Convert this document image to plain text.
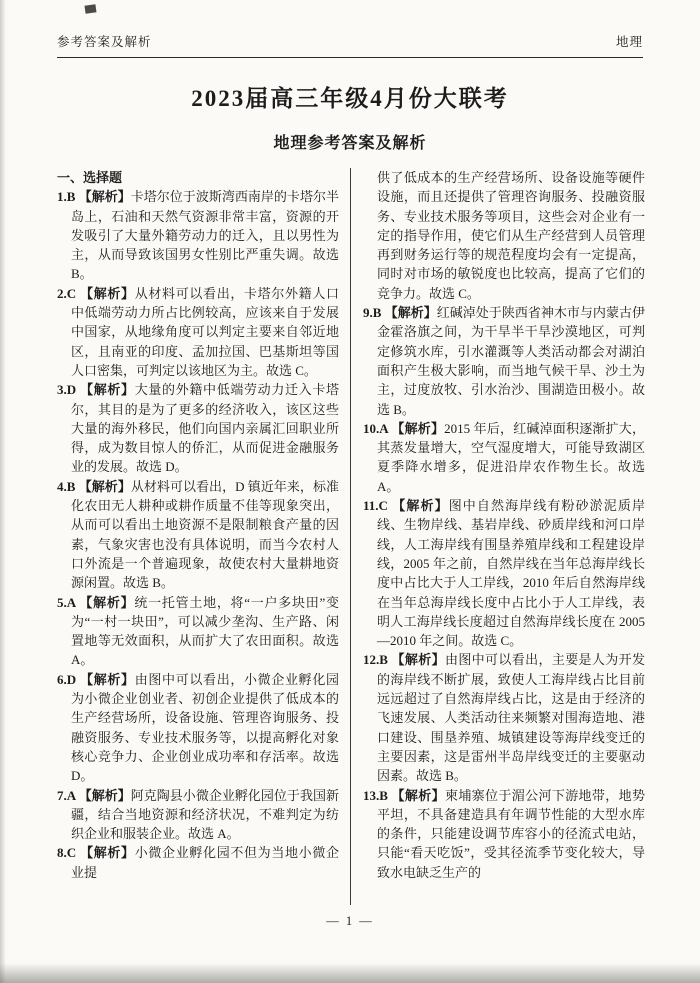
参考答案及解析	地理
2023届高三年级4月份大联考
地理参考答案及解析
一、选择题
1.B 【解析】卡塔尔位于波斯湾西南岸的卡塔尔半岛上，石油和天然气资源非常丰富，资源的开发吸引了大量外籍劳动力的迁入，且以男性为主，从而导致该国男女性别比严重失调。故选 B。
2.C 【解析】从材料可以看出，卡塔尔外籍人口中低端劳动力所占比例较高，应该来自于发展中国家，从地缘角度可以判定主要来自邻近地区，且南亚的印度、孟加拉国、巴基斯坦等国人口密集，可判定以该地区为主。故选 C。
3.D 【解析】大量的外籍中低端劳动力迁入卡塔尔，其目的是为了更多的经济收入，该区这些大量的海外移民，他们向国内亲属汇回职业所得，成为数目惊人的侨汇，从而促进金融服务业的发展。故选 D。
4.B 【解析】从材料可以看出，D 镇近年来，标准化农田无人耕种或耕作质量不佳等现象突出，从而可以看出土地资源不是限制粮食产量的因素，气象灾害也没有具体说明，而当今农村人口外流是一个普遍现象，故使农村大量耕地资源闲置。故选 B。
5.A 【解析】统一托管土地，将“一户多块田”变为“一村一块田”，可以减少垄沟、生产路、闲置地等无效面积，从而扩大了农田面积。故选 A。
6.D 【解析】由图中可以看出，小微企业孵化园为小微企业创业者、初创企业提供了低成本的生产经营场所，设备设施、管理咨询服务、投融资服务、专业技术服务等，以提高孵化对象核心竞争力、企业创业成功率和存活率。故选 D。
7.A 【解析】阿克陶县小微企业孵化园位于我国新疆，结合当地资源和经济状况，不难判定为纺织企业和服装企业。故选 A。
8.C 【解析】小微企业孵化园不但为当地小微企业提
供了低成本的生产经营场所、设备设施等硬件设施，而且还提供了管理咨询服务、投融资服务、专业技术服务等项目，这些会对企业有一定的指导作用，使它们从生产经营到人员管理再到财务运行等的规范程度均会有一定提高，同时对市场的敏锐度也比较高，提高了它们的竞争力。故选 C。
9.B 【解析】红碱淖处于陕西省神木市与内蒙古伊金霍洛旗之间，为干旱半干旱沙漠地区，可判定修筑水库，引水灌溉等人类活动都会对湖泊面积产生极大影响，而当地气候干旱、沙土为主，过度放牧、引水治沙、围湖造田极小。故选 B。
10.A 【解析】2015 年后，红碱淖面积逐渐扩大，其蒸发量增大，空气湿度增大，可能导致湖区夏季降水增多，促进沿岸农作物生长。故选 A。
11.C 【解析】图中自然海岸线有粉砂淤泥质岸线、生物岸线、基岩岸线、砂质岸线和河口岸线，人工海岸线有围垦养殖岸线和工程建设岸线，2005 年之前，自然岸线在当年总海岸线长度中占比大于人工岸线，2010 年后自然海岸线在当年总海岸线长度中占比小于人工岸线，表明人工海岸线长度超过自然海岸线长度在 2005—2010 年之间。故选 C。
12.B 【解析】由图中可以看出，主要是人为开发的海岸线不断扩展，致使人工海岸线占比目前远远超过了自然海岸线占比，这是由于经济的飞速发展、人类活动往来频繁对围海造地、港口建设、围垦养殖、城镇建设等海岸线变迁的主要因素，这是雷州半岛岸线变迁的主要驱动因素。故选 B。
13.B 【解析】柬埔寨位于湄公河下游地带，地势平坦，不具备建造具有年调节性能的大型水库的条件，只能建设调节库容小的径流式电站，只能“看天吃饭”，受其径流季节变化较大，导致水电缺乏生产的
— 1 —
